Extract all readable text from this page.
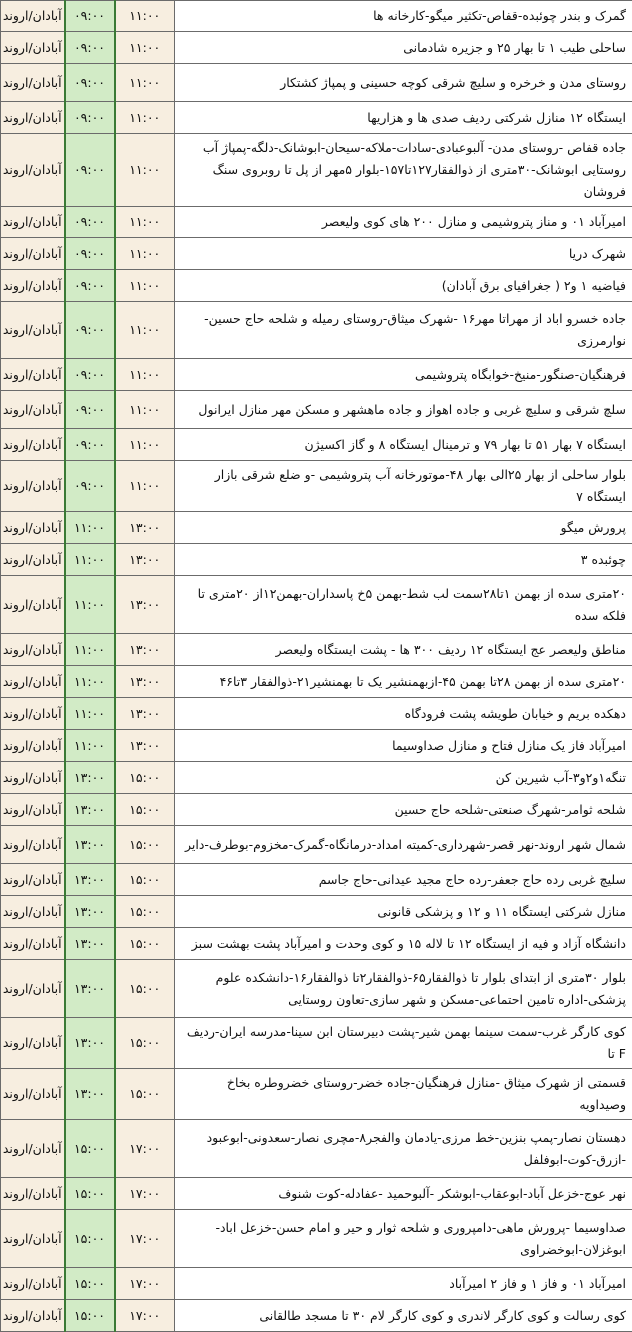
گمرک و بندر چوئبده-قفاص-تکثیر میگو-کارخانه ها	۱۱:۰۰	۰۹:۰۰	آبادان/اروند
ساحلی طیب ۱ تا بهار ۲۵ و جزیره شادمانی	۱۱:۰۰	۰۹:۰۰	آبادان/اروند
روستای مدن و خرخره و سلیچ شرقی کوچه حسینی و پمپاژ کشتکار	۱۱:۰۰	۰۹:۰۰	آبادان/اروند
ایستگاه ۱۲ منازل شرکتی ردیف صدی ها و هزاریها	۱۱:۰۰	۰۹:۰۰	آبادان/اروند
جاده قفاص -روستای مدن- آلبوعبادی-سادات-ملاکه-سیحان-ابوشانک-دلگه-پمپاژ آب روستایی ابوشانک-۳۰متری از ذوالفقار۱۲۷تا۱۵۷-بلوار ۵مهر از پل تا روبروی سنگ فروشان	۱۱:۰۰	۰۹:۰۰	آبادان/اروند
امیرآباد ۰۱ و مناز پتروشیمی و منازل ۲۰۰ های کوی ولیعصر	۱۱:۰۰	۰۹:۰۰	آبادان/اروند
شهرک دریا	۱۱:۰۰	۰۹:۰۰	آبادان/اروند
فیاضیه ۱ و۲ ( جغرافیای برق آبادان)	۱۱:۰۰	۰۹:۰۰	آبادان/اروند
جاده خسرو اباد از مهراتا مهر۱۶ -شهرک میثاق-روستای رمیله و شلحه حاج حسین-نوارمرزی	۱۱:۰۰	۰۹:۰۰	آبادان/اروند
فرهنگیان-صنگور-منیخ-خوابگاه پتروشیمی	۱۱:۰۰	۰۹:۰۰	آبادان/اروند
سلچ شرقی و سلیچ غربی و جاده اهواز و جاده ماهشهر و مسکن مهر منازل ایرانول	۱۱:۰۰	۰۹:۰۰	آبادان/اروند
ایستگاه ۷ بهار ۵۱ تا بهار ۷۹ و ترمینال ایستگاه ۸ و گاز اکسیژن	۱۱:۰۰	۰۹:۰۰	آبادان/اروند
بلوار ساحلی از بهار ۲۵الی بهار ۴۸-موتورخانه آب پتروشیمی -و ضلع شرقی بازار ایستگاه ۷	۱۱:۰۰	۰۹:۰۰	آبادان/اروند
پرورش میگو	۱۳:۰۰	۱۱:۰۰	آبادان/اروند
چوئبده ۳	۱۳:۰۰	۱۱:۰۰	آبادان/اروند
۲۰متری سده از بهمن ۱تا۲۸سمت لب شط-بهمن ۵خ پاسداران-بهمن۱۲از ۲۰متری تا فلکه سده	۱۳:۰۰	۱۱:۰۰	آبادان/اروند
مناطق ولیعصر عج ایستگاه ۱۲ ردیف ۳۰۰ ها - پشت ایستگاه ولیعصر	۱۳:۰۰	۱۱:۰۰	آبادان/اروند
۲۰متری سده از بهمن ۲۸تا بهمن ۴۵-ازبهمنشیر یک تا بهمنشیر۲۱-ذوالفقار ۳تا۴۶	۱۳:۰۰	۱۱:۰۰	آبادان/اروند
دهکده بریم و خیابان طویشه پشت فرودگاه	۱۳:۰۰	۱۱:۰۰	آبادان/اروند
امیرآباد فاز یک منازل فتاح و منازل صداوسیما	۱۳:۰۰	۱۱:۰۰	آبادان/اروند
تنگه۱و۲و۳-آب شیرین کن	۱۵:۰۰	۱۳:۰۰	آبادان/اروند
شلحه ثوامر-شهرگ صنعتی-شلحه حاج حسین	۱۵:۰۰	۱۳:۰۰	آبادان/اروند
شمال شهر اروند-نهر قصر-شهرداری-کمیته امداد-درمانگاه-گمرک-مخزوم-بوطرف-دایر	۱۵:۰۰	۱۳:۰۰	آبادان/اروند
سلیچ غربی رده حاج جعفر-رده حاج مجید عیدانی-حاج جاسم	۱۵:۰۰	۱۳:۰۰	آبادان/اروند
منازل شرکتی ایستگاه ۱۱ و ۱۲ و پزشکی قانونی	۱۵:۰۰	۱۳:۰۰	آبادان/اروند
دانشگاه آزاد و فیه از ایستگاه ۱۲ تا لاله ۱۵ و کوی وحدت و امیرآباد پشت بهشت سبز	۱۵:۰۰	۱۳:۰۰	آبادان/اروند
بلوار ۳۰متری از ابتدای بلوار تا ذوالفقار۶۵-ذوالفقار۲تا ذوالفقار۱۶-دانشکده علوم پزشکی-اداره تامین احتماعی-مسکن و شهر سازی-تعاون روستایی	۱۵:۰۰	۱۳:۰۰	آبادان/اروند
کوی کارگر غرب-سمت سینما بهمن شیر-پشت دبیرستان ابن سینا-مدرسه ایران-ردیف F تا	۱۵:۰۰	۱۳:۰۰	آبادان/اروند
قسمتی از شهرک میثاق -منازل فرهنگیان-جاده خضر-روستای خضروطره بخاخ وصیداویه	۱۵:۰۰	۱۳:۰۰	آبادان/اروند
دهستان نصار-پمپ بنزین-خط مرزی-یادمان والفجر۸-مچری نصار-سعدونی-ابوعبود -ازرق-کوت-ابوفلفل	۱۷:۰۰	۱۵:۰۰	آبادان/اروند
نهر عوج-خزعل آباد-ابوعقاب-ابوشکر -آلبوحمید -عفادله-کوت شنوف	۱۷:۰۰	۱۵:۰۰	آبادان/اروند
صداوسیما -پرورش ماهی-دامپروری و شلحه ثوار و حیر و امام حسن-خزعل اباد-ابوغزلان-ابوخضراوی	۱۷:۰۰	۱۵:۰۰	آبادان/اروند
امیرآباد ۰۱ و فاز ۱ و فاز ۲ امیرآباد	۱۷:۰۰	۱۵:۰۰	آبادان/اروند
کوی رسالت و کوی کارگر لاندری و کوی کارگر لام ۳۰ تا مسجد طالقانی	۱۷:۰۰	۱۵:۰۰	آبادان/اروند
